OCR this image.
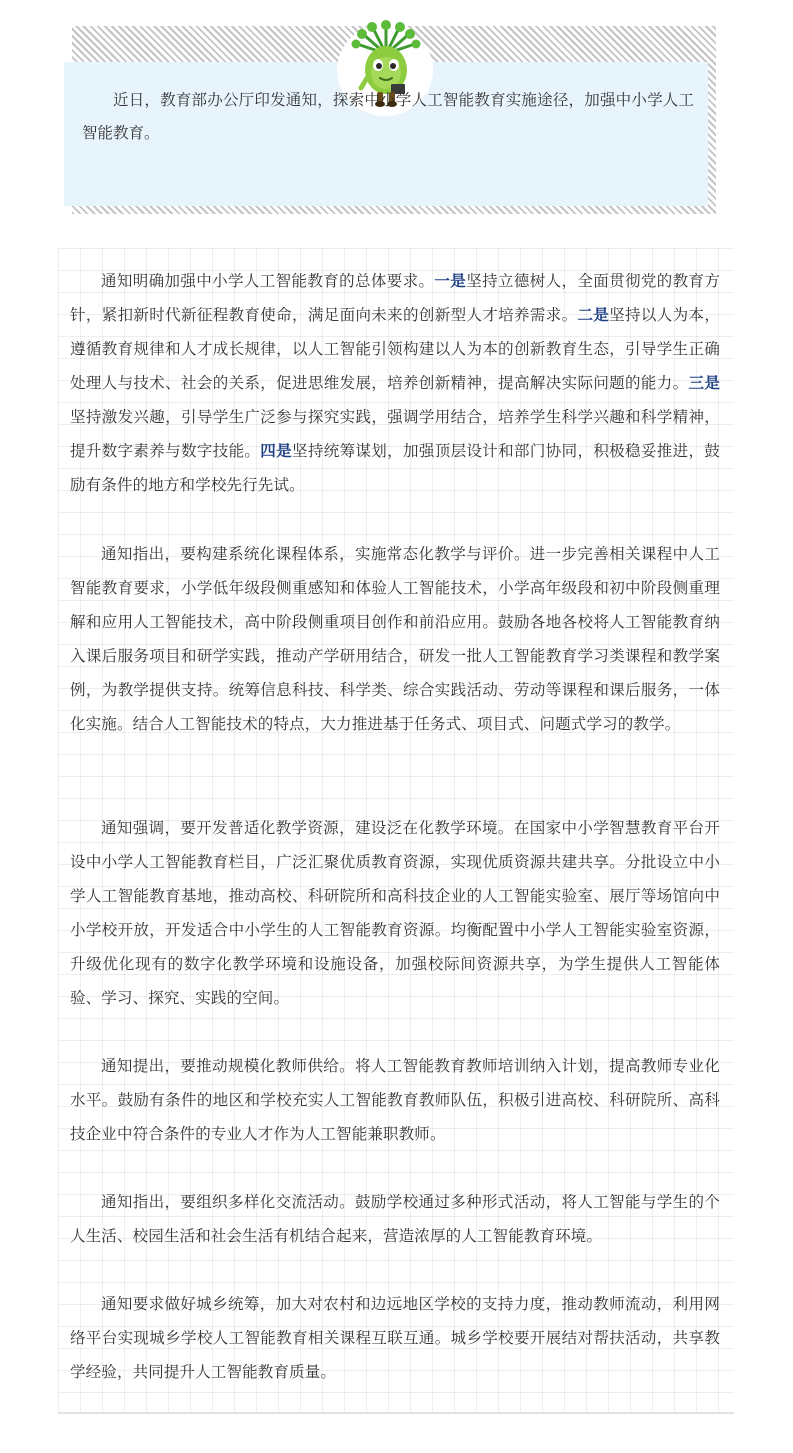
近日，教育部办公厅印发通知，探索中小学人工智能教育实施途径，加强中小学人工智能教育。

通知明确加强中小学人工智能教育的总体要求。一是坚持立德树人，全面贯彻党的教育方针，紧扣新时代新征程教育使命，满足面向未来的创新型人才培养需求。二是坚持以人为本，遵循教育规律和人才成长规律，以人工智能引领构建以人为本的创新教育生态，引导学生正确处理人与技术、社会的关系，促进思维发展，培养创新精神，提高解决实际问题的能力。三是坚持激发兴趣，引导学生广泛参与探究实践，强调学用结合，培养学生科学兴趣和科学精神，提升数字素养与数字技能。四是坚持统筹谋划，加强顶层设计和部门协同，积极稳妥推进，鼓励有条件的地方和学校先行先试。

通知指出，要构建系统化课程体系，实施常态化教学与评价。进一步完善相关课程中人工智能教育要求，小学低年级段侧重感知和体验人工智能技术，小学高年级段和初中阶段侧重理解和应用人工智能技术，高中阶段侧重项目创作和前沿应用。鼓励各地各校将人工智能教育纳入课后服务项目和研学实践，推动产学研用结合，研发一批人工智能教育学习类课程和教学案例，为教学提供支持。统筹信息科技、科学类、综合实践活动、劳动等课程和课后服务，一体化实施。结合人工智能技术的特点，大力推进基于任务式、项目式、问题式学习的教学。

通知强调，要开发普适化教学资源，建设泛在化教学环境。在国家中小学智慧教育平台开设中小学人工智能教育栏目，广泛汇聚优质教育资源，实现优质资源共建共享。分批设立中小学人工智能教育基地，推动高校、科研院所和高科技企业的人工智能实验室、展厅等场馆向中小学校开放，开发适合中小学生的人工智能教育资源。均衡配置中小学人工智能实验室资源，升级优化现有的数字化教学环境和设施设备，加强校际间资源共享，为学生提供人工智能体验、学习、探究、实践的空间。

通知提出，要推动规模化教师供给。将人工智能教育教师培训纳入计划，提高教师专业化水平。鼓励有条件的地区和学校充实人工智能教育教师队伍，积极引进高校、科研院所、高科技企业中符合条件的专业人才作为人工智能兼职教师。

通知指出，要组织多样化交流活动。鼓励学校通过多种形式活动，将人工智能与学生的个人生活、校园生活和社会生活有机结合起来，营造浓厚的人工智能教育环境。

通知要求做好城乡统筹，加大对农村和边远地区学校的支持力度，推动教师流动，利用网络平台实现城乡学校人工智能教育相关课程互联互通。城乡学校要开展结对帮扶活动，共享教学经验，共同提升人工智能教育质量。
